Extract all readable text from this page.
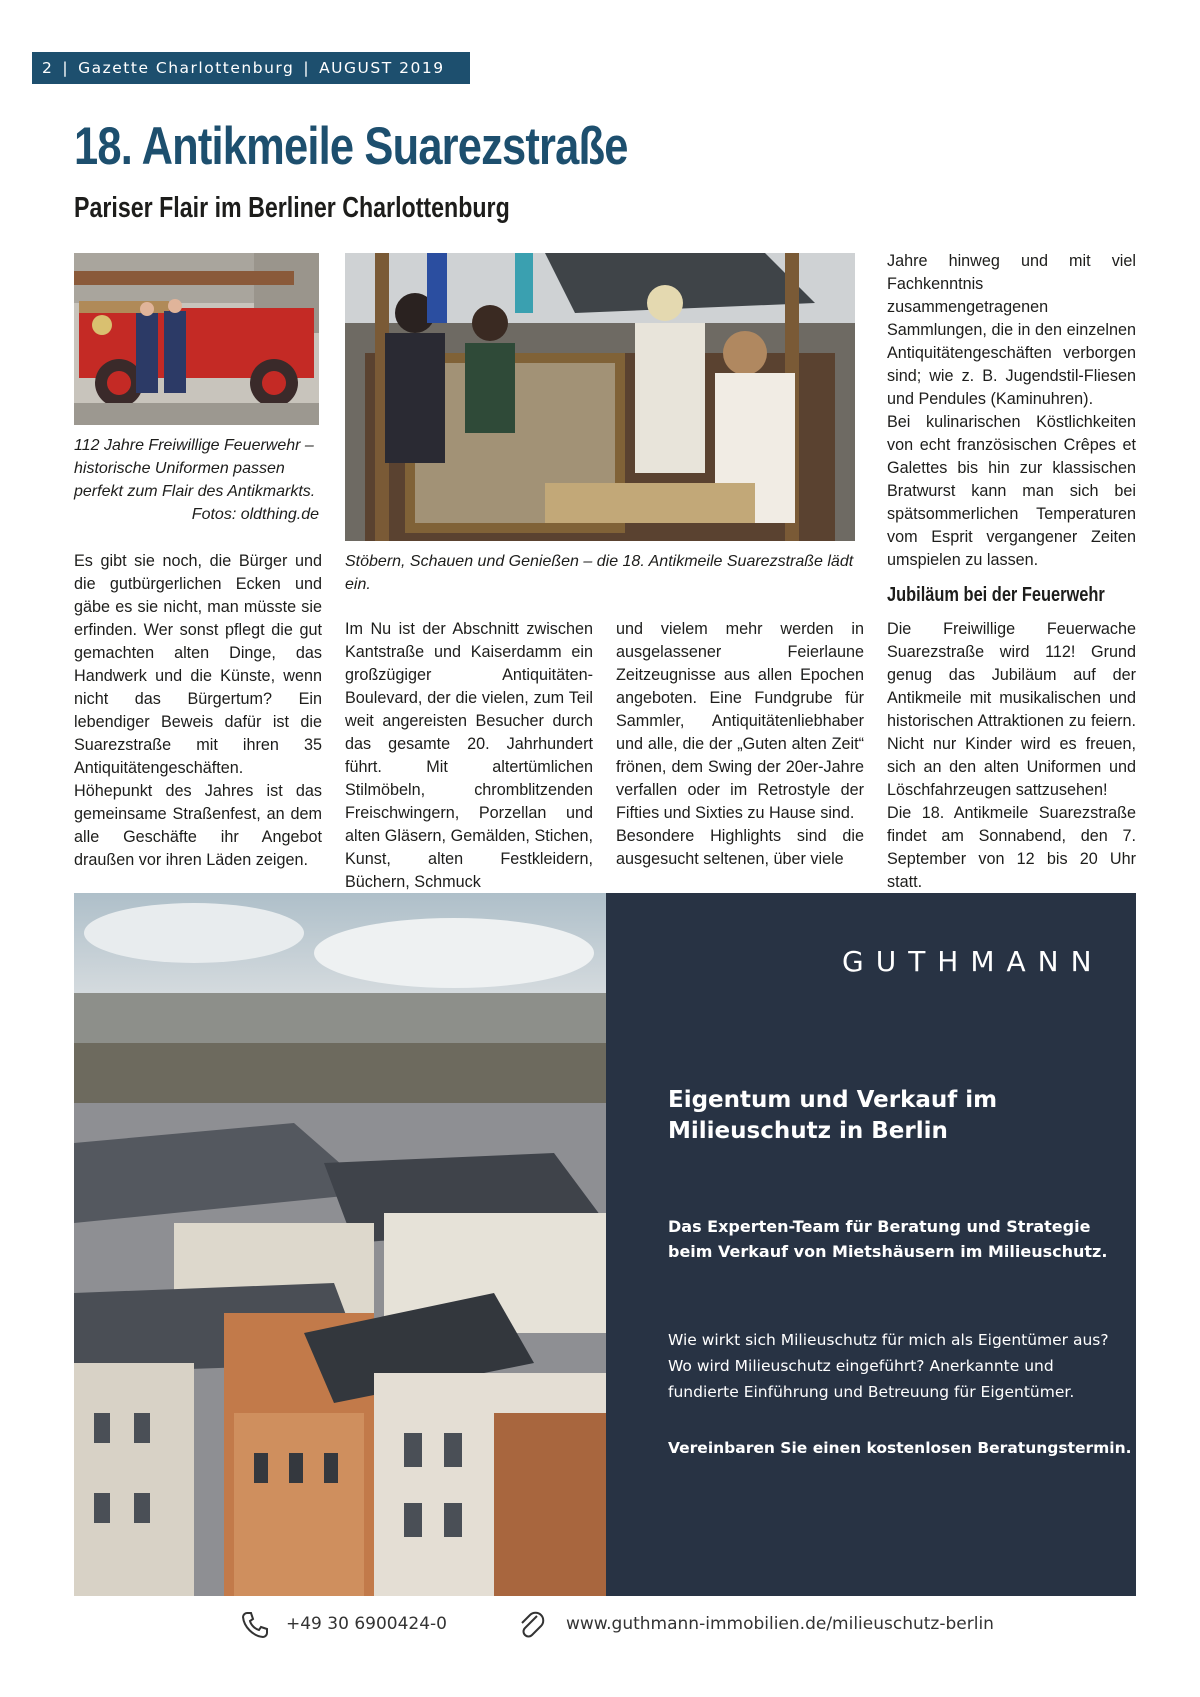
2 | Gazette Charlottenburg | AUGUST 2019
18. Antikmeile Suarezstraße
Pariser Flair im Berliner Charlottenburg
112 Jahre Freiwillige Feuerwehr – historische Uniformen passen perfekt zum Flair des Antikmarkts.
Fotos: oldthing.de
Stöbern, Schauen und Genießen – die 18. Antikmeile Suarezstraße lädt ein.

Es gibt sie noch, die Bürger und die gutbürgerlichen Ecken und gäbe es sie nicht, man müsste sie erfinden. Wer sonst pflegt die gut gemachten alten Dinge, das Handwerk und die Künste, wenn nicht das Bürgertum? Ein lebendiger Beweis dafür ist die Suarezstraße mit ihren 35 Antiquitätengeschäften.

Höhepunkt des Jahres ist das gemeinsame Straßenfest, an dem alle Geschäfte ihr Angebot draußen vor ihren Läden zeigen.

Im Nu ist der Abschnitt zwischen Kantstraße und Kaiserdamm ein großzügiger Antiquitäten-Boulevard, der die vielen, zum Teil weit angereisten Besucher durch das gesamte 20. Jahrhundert führt. Mit altertümlichen Stilmöbeln, chromblitzenden Freischwingern, Porzellan und alten Gläsern, Gemälden, Stichen, Kunst, alten Festkleidern, Büchern, Schmuck

und vielem mehr werden in ausgelassener Feierlaune Zeitzeugnisse aus allen Epochen angeboten. Eine Fundgrube für Sammler, Antiquitätenliebhaber und alle, die der „Guten alten Zeit“ frönen, dem Swing der 20er-Jahre verfallen oder im Retrostyle der Fifties und Sixties zu Hause sind.

Besondere Highlights sind die ausgesucht seltenen, über viele

Jahre hinweg und mit viel Fachkenntnis zusammengetragenen Sammlungen, die in den einzelnen Antiquitätengeschäften verborgen sind; wie z. B. Jugendstil-Fliesen und Pendules (Kaminuhren).

Bei kulinarischen Köstlichkeiten von echt französischen Crêpes et Galettes bis hin zur klassischen Bratwurst kann man sich bei spätsommerlichen Temperaturen vom Esprit vergangener Zeiten umspielen zu lassen.

Jubiläum bei der Feuerwehr

Die Freiwillige Feuerwache Suarezstraße wird 112! Grund genug das Jubiläum auf der Antikmeile mit musikalischen und historischen Attraktionen zu feiern. Nicht nur Kinder wird es freuen, sich an den alten Uniformen und Löschfahrzeugen sattzusehen!

Die 18. Antikmeile Suarezstraße findet am Sonnabend, den 7. September von 12 bis 20 Uhr statt.

GUTHMANN
Eigentum und Verkauf im Milieuschutz in Berlin
Das Experten-Team für Beratung und Strategie beim Verkauf von Mietshäusern im Milieuschutz.
Wie wirkt sich Milieuschutz für mich als Eigentümer aus? Wo wird Milieuschutz eingeführt? Anerkannte und fundierte Einführung und Betreuung für Eigentümer.
Vereinbaren Sie einen kostenlosen Beratungstermin.
+49 30 6900424-0	www.guthmann-immobilien.de/milieuschutz-berlin
